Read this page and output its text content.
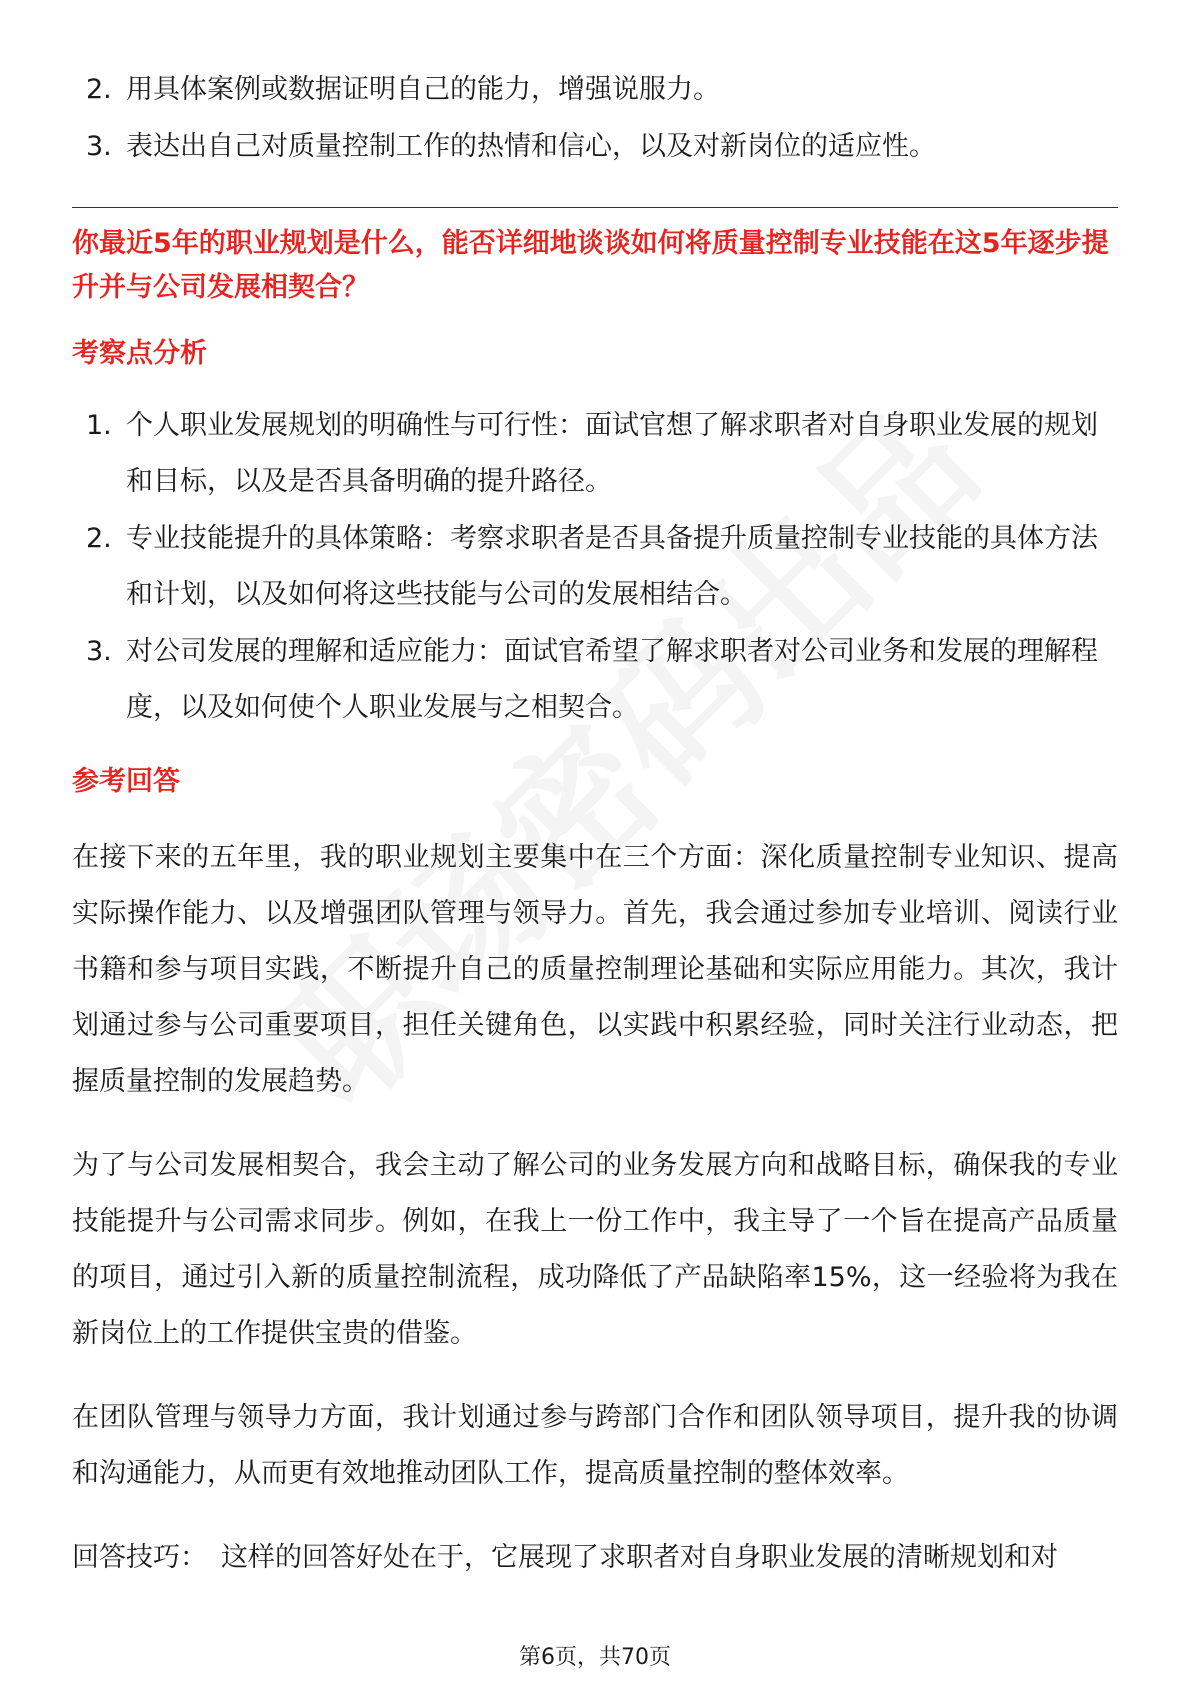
2. 用具体案例或数据证明自己的能力，增强说服力。
3. 表达出自己对质量控制工作的热情和信心，以及对新岗位的适应性。

你最近5年的职业规划是什么，能否详细地谈谈如何将质量控制专业技能在这5年逐步提升并与公司发展相契合？

考察点分析
1. 个人职业发展规划的明确性与可行性：面试官想了解求职者对自身职业发展的规划和目标，以及是否具备明确的提升路径。
2. 专业技能提升的具体策略：考察求职者是否具备提升质量控制专业技能的具体方法和计划，以及如何将这些技能与公司的发展相结合。
3. 对公司发展的理解和适应能力：面试官希望了解求职者对公司业务和发展的理解程度，以及如何使个人职业发展与之相契合。
参考回答

在接下来的五年里，我的职业规划主要集中在三个方面：深化质量控制专业知识、提高实际操作能力、以及增强团队管理与领导力。首先，我会通过参加专业培训、阅读行业书籍和参与项目实践，不断提升自己的质量控制理论基础和实际应用能力。其次，我计划通过参与公司重要项目，担任关键角色，以实践中积累经验，同时关注行业动态，把握质量控制的发展趋势。

为了与公司发展相契合，我会主动了解公司的业务发展方向和战略目标，确保我的专业技能提升与公司需求同步。例如，在我上一份工作中，我主导了一个旨在提高产品质量的项目，通过引入新的质量控制流程，成功降低了产品缺陷率15%，这一经验将为我在新岗位上的工作提供宝贵的借鉴。

在团队管理与领导力方面，我计划通过参与跨部门合作和团队领导项目，提升我的协调和沟通能力，从而更有效地推动团队工作，提高质量控制的整体效率。

回答技巧： 这样的回答好处在于，它展现了求职者对自身职业发展的清晰规划和对

第6页，共70页
